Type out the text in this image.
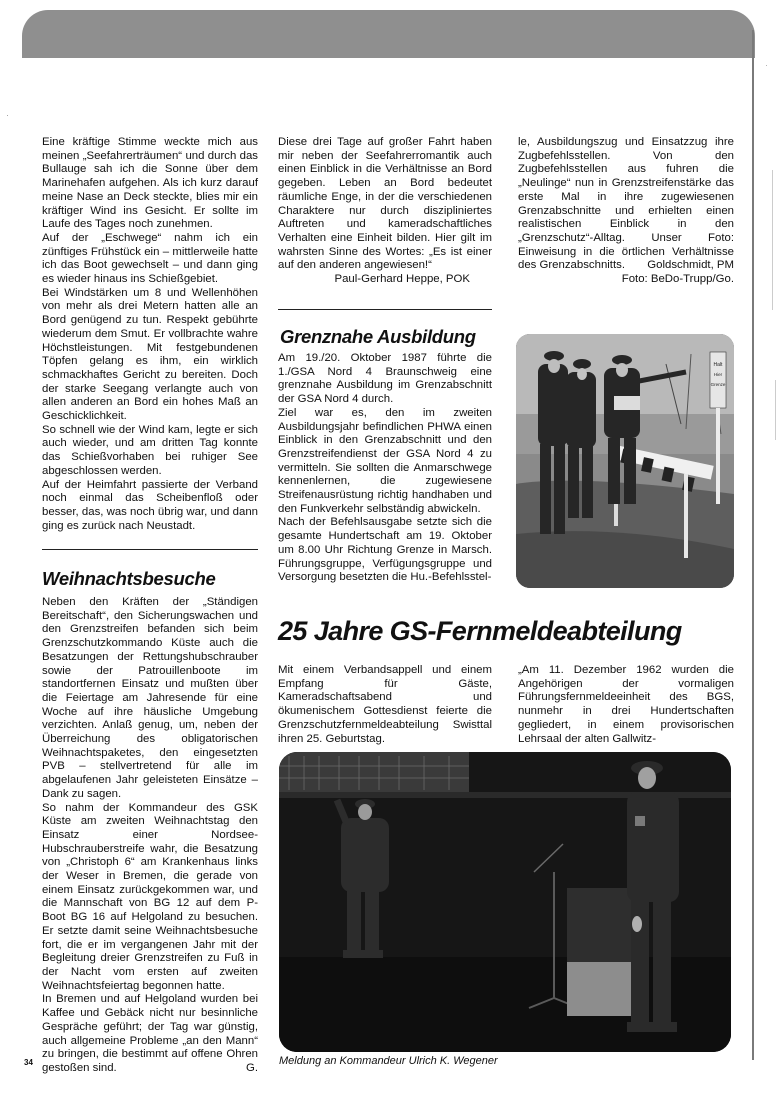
·
·

Eine kräftige Stimme weckte mich aus meinen „Seefahrerträumen“ und durch das Bullauge sah ich die Sonne über dem Marinehafen aufgehen. Als ich kurz darauf meine Nase an Deck steckte, blies mir ein kräftiger Wind ins Gesicht. Er sollte im Laufe des Tages noch zunehmen.

Auf der „Eschwege“ nahm ich ein zünftiges Frühstück ein – mittlerweile hatte ich das Boot gewechselt – und dann ging es wieder hinaus ins Schießgebiet.

Bei Windstärken um 8 und Wellenhöhen von mehr als drei Metern hatten alle an Bord genügend zu tun. Respekt gebührte wiederum dem Smut. Er vollbrachte wahre Höchstleistungen. Mit festgebundenen Töpfen gelang es ihm, ein wirklich schmackhaftes Gericht zu bereiten. Doch der starke Seegang verlangte auch von allen anderen an Bord ein hohes Maß an Geschicklichkeit.

So schnell wie der Wind kam, legte er sich auch wieder, und am dritten Tag konnte das Schießvorhaben bei ruhiger See abgeschlossen werden.

Auf der Heimfahrt passierte der Verband noch einmal das Scheibenfloß oder besser, das, was noch übrig war, und dann ging es zurück nach Neustadt.

Weihnachtsbesuche

Neben den Kräften der „Ständigen Bereitschaft“, den Sicherungswachen und den Grenzstreifen befanden sich beim Grenzschutzkommando Küste auch die Besatzungen der Rettungshubschrauber sowie der Patrouillenboote im standortfernen Einsatz und mußten über die Feiertage am Jahresende für eine Woche auf ihre häusliche Umgebung verzichten. Anlaß genug, um, neben der Überreichung des obligatorischen Weihnachtspaketes, den eingesetzten PVB – stellvertretend für alle im abgelaufenen Jahr geleisteten Einsätze – Dank zu sagen.

So nahm der Kommandeur des GSK Küste am zweiten Weihnachtstag den Einsatz einer Nordsee-Hubschrauberstreife wahr, die Besatzung von „Christoph 6“ am Krankenhaus links der Weser in Bremen, die gerade von einem Einsatz zurückgekommen war, und die Mannschaft von BG 12 auf dem P-Boot BG 16 auf Helgoland zu besuchen. Er setzte damit seine Weihnachtsbesuche fort, die er im vergangenen Jahr mit der Begleitung dreier Grenzstreifen zu Fuß in der Nacht vom ersten auf zweiten Weihnachtsfeiertag begonnen hatte.

In Bremen und auf Helgoland wurden bei Kaffee und Gebäck nicht nur besinnliche Gespräche geführt; der Tag war günstig, auch allgemeine Probleme „an den Mann“ zu bringen, die bestimmt auf offene Ohren gestoßen sind.	G.

Diese drei Tage auf großer Fahrt haben mir neben der Seefahrerromantik auch einen Einblick in die Verhältnisse an Bord gegeben. Leben an Bord bedeutet räumliche Enge, in der die verschiedenen Charaktere nur durch diszipliniertes Auftreten und kameradschaftliches Verhalten eine Einheit bilden. Hier gilt im wahrsten Sinne des Wortes: „Es ist einer auf den anderen angewiesen!“

Paul-Gerhard Heppe, POK

Grenznahe Ausbildung

Am 19./20. Oktober 1987 führte die 1./GSA Nord 4 Braunschweig eine grenznahe Ausbildung im Grenzabschnitt der GSA Nord 4 durch.

Ziel war es, den im zweiten Ausbildungsjahr befindlichen PHWA einen Einblick in den Grenzabschnitt und den Grenzstreifendienst der GSA Nord 4 zu vermitteln. Sie sollten die Anmarschwege kennenlernen, die zugewiesene Streifenausrüstung richtig handhaben und den Funkverkehr selbständig abwickeln.

Nach der Befehlsausgabe setzte sich die gesamte Hundertschaft am 19. Oktober um 8.00 Uhr Richtung Grenze in Marsch. Führungsgruppe, Verfügungsgruppe und Versorgung besetzten die Hu.-Befehlsstel-

le, Ausbildungszug und Einsatzzug ihre Zugbefehlsstellen. Von den Zugbefehlsstellen aus fuhren die „Neulinge“ nun in Grenzstreifenstärke das erste Mal in ihre zugewiesenen Grenzabschnitte und erhielten einen realistischen Einblick in den „Grenzschutz“-Alltag. Unser Foto: Einweisung in die örtlichen Verhältnisse des Grenzabschnitts.	Goldschmidt, PM

Foto: BeDo-Trupp/Go.

Halt
Hier
Grenze
25 Jahre GS-Fernmeldeabteilung

Mit einem Verbandsappell und einem Empfang für Gäste, Kameradschaftsabend und ökumenischem Gottesdienst feierte die Grenzschutzfernmeldeabteilung Swisttal ihren 25. Geburtstag.

„Am 11. Dezember 1962 wurden die Angehörigen der vormaligen Führungsfernmeldeeinheit des BGS, nunmehr in drei Hundertschaften gegliedert, in einem provisorischen Lehrsaal der alten Gallwitz-

Meldung an Kommandeur Ulrich K. Wegener
34
